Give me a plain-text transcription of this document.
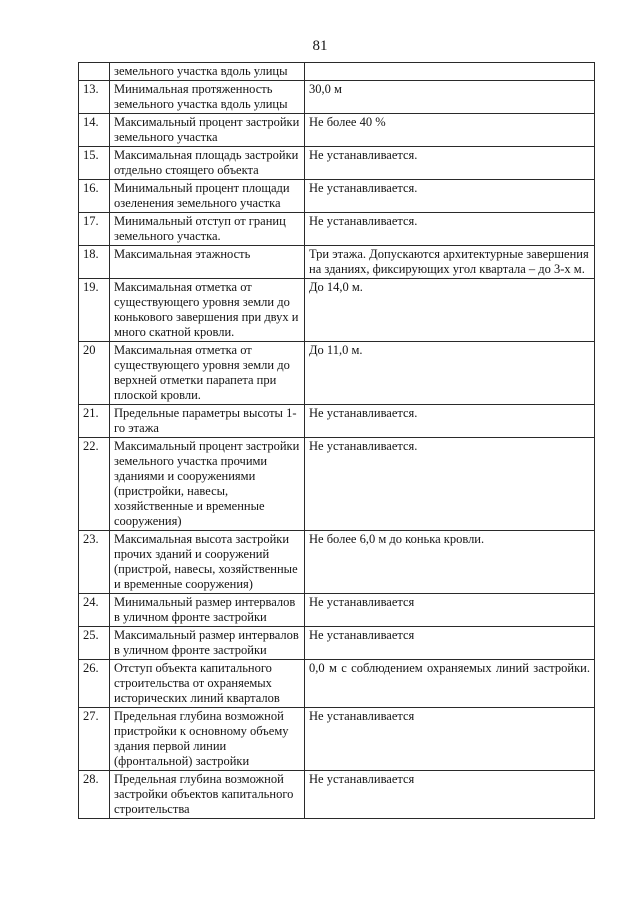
81
	земельного участка вдоль улицы	
13.	Минимальная протяженность земельного участка вдоль улицы	30,0 м
14.	Максимальный процент застройки земельного участка	Не более 40 %
15.	Максимальная площадь застройки отдельно стоящего объекта	Не устанавливается.
16.	Минимальный процент площади озеленения земельного участка	Не устанавливается.
17.	Минимальный отступ от границ земельного участка.	Не устанавливается.
18.	Максимальная этажность	Три этажа. Допускаются архитектурные завершения на зданиях, фиксирующих угол квартала – до 3-х м.
19.	Максимальная отметка от существующего уровня земли до конькового завершения при двух и много скатной кровли.	До 14,0 м.
20	Максимальная отметка от существующего уровня земли до верхней отметки парапета при плоской кровли.	До 11,0 м.
21.	Предельные параметры высоты 1-го этажа	Не устанавливается.
22.	Максимальный процент застройки земельного участка прочими зданиями и сооружениями (пристройки, навесы, хозяйственные и временные сооружения)	Не устанавливается.
23.	Максимальная высота застройки прочих зданий и сооружений (пристрой, навесы, хозяйственные и временные сооружения)	Не более 6,0 м до конька кровли.
24.	Минимальный размер интервалов в уличном фронте застройки	Не устанавливается
25.	Максимальный размер интервалов в уличном фронте застройки	Не устанавливается
26.	Отступ объекта капитального строительства от охраняемых исторических линий кварталов	0,0 м с соблюдением охраняемых линий застройки.

27.	Предельная глубина возможной пристройки к основному объему здания первой линии (фронтальной) застройки	Не устанавливается
28.	Предельная глубина возможной застройки объектов капитального строительства	Не устанавливается
